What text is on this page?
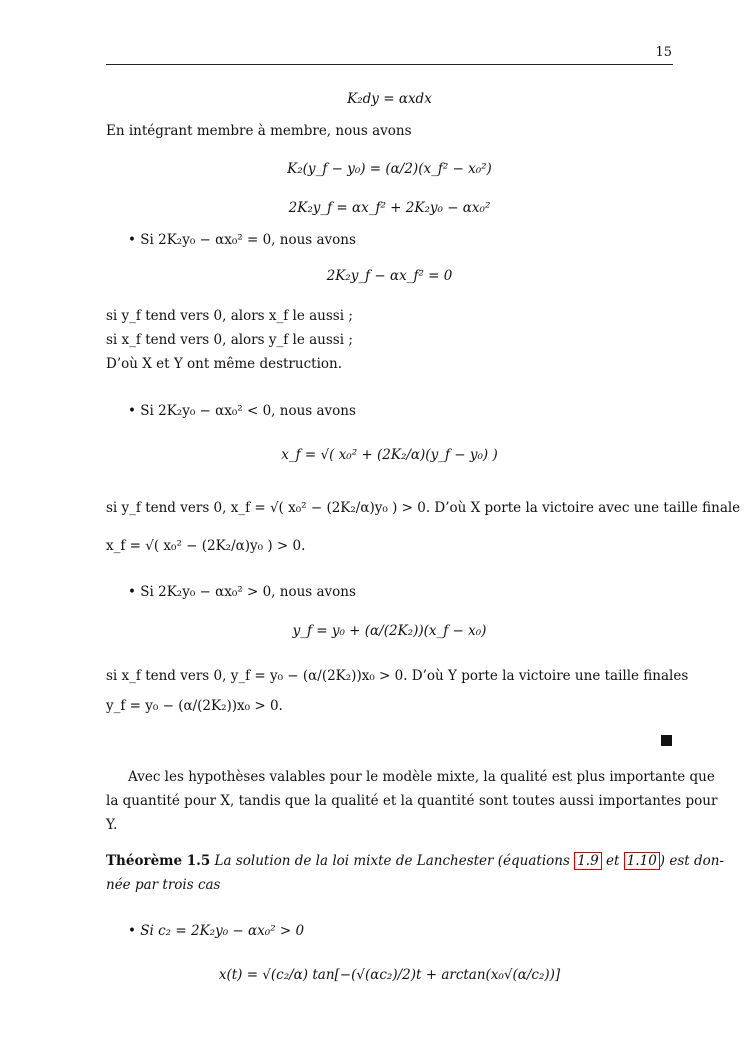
15
K₂dy = αxdx
En intégrant membre à membre, nous avons
K₂(y_f − y₀) = (α/2)(x_f² − x₀²)
2K₂y_f = αx_f² + 2K₂y₀ − αx₀²
• Si 2K₂y₀ − αx₀² = 0, nous avons
2K₂y_f − αx_f² = 0
si y_f tend vers 0, alors x_f le aussi ;
si x_f tend vers 0, alors y_f le aussi ;
D’où X et Y ont même destruction.
• Si 2K₂y₀ − αx₀² < 0, nous avons
x_f = √( x₀² + (2K₂/α)(y_f − y₀) )
si y_f tend vers 0, x_f = √( x₀² − (2K₂/α)y₀ ) > 0. D’où X porte la victoire avec une taille finale
x_f = √( x₀² − (2K₂/α)y₀ ) > 0.
• Si 2K₂y₀ − αx₀² > 0, nous avons
y_f = y₀ + (α/(2K₂))(x_f − x₀)
si x_f tend vers 0, y_f = y₀ − (α/(2K₂))x₀ > 0. D’où Y porte la victoire une taille finales
y_f = y₀ − (α/(2K₂))x₀ > 0.
Avec les hypothèses valables pour le modèle mixte, la qualité est plus importante que
la quantité pour X, tandis que la qualité et la quantité sont toutes aussi importantes pour
Y.
Théorème 1.5 La solution de la loi mixte de Lanchester (équations 1.9 et 1.10 ) est don-
née par trois cas
• Si c₂ = 2K₂y₀ − αx₀² > 0
x(t) = √(c₂/α) tan[−(√(αc₂)/2)t + arctan(x₀√(α/c₂))]
